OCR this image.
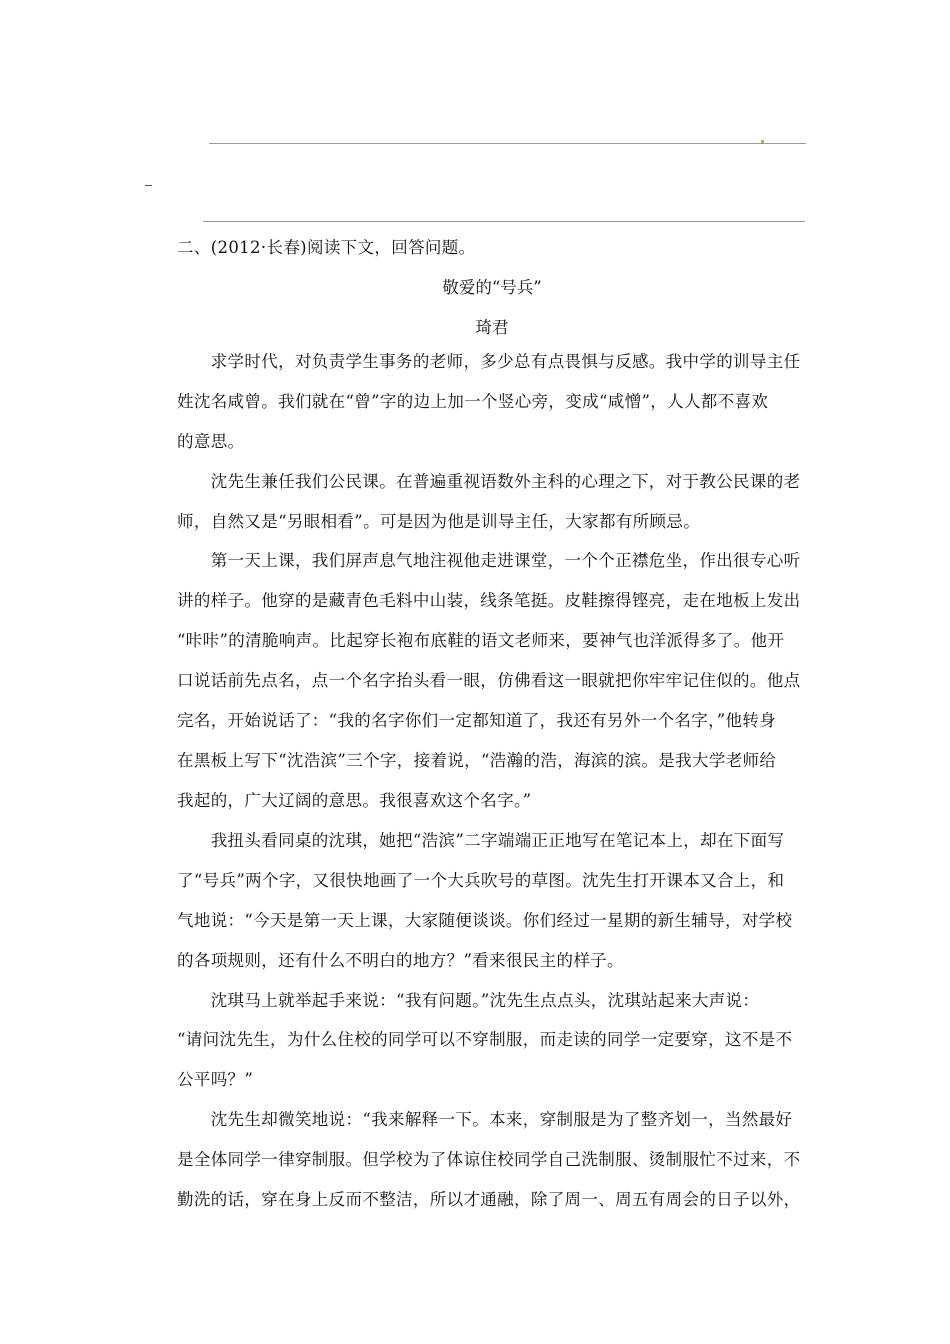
二、(2012·长春)阅读下文，回答问题。
敬爱的“号兵”
琦君
　　求学时代，对负责学生事务的老师，多少总有点畏惧与反感。我中学的训导主任
姓沈名咸曾。我们就在“曾”字的边上加一个竖心旁，变成“咸憎”，人人都不喜欢
的意思。
　　沈先生兼任我们公民课。在普遍重视语数外主科的心理之下，对于教公民课的老
师，自然又是“另眼相看”。可是因为他是训导主任，大家都有所顾忌。
　　第一天上课，我们屏声息气地注视他走进课堂，一个个正襟危坐，作出很专心听
讲的样子。他穿的是藏青色毛料中山装，线条笔挺。皮鞋擦得铿亮，走在地板上发出
“咔咔”的清脆响声。比起穿长袍布底鞋的语文老师来，要神气也洋派得多了。他开
口说话前先点名，点一个名字抬头看一眼，仿佛看这一眼就把你牢牢记住似的。他点
完名，开始说话了：“我的名字你们一定都知道了，我还有另外一个名字，”他转身
在黑板上写下“沈浩滨”三个字，接着说，“浩瀚的浩，海滨的滨。是我大学老师给
我起的，广大辽阔的意思。我很喜欢这个名字。”
　　我扭头看同桌的沈琪，她把“浩滨”二字端端正正地写在笔记本上，却在下面写
了“号兵”两个字，又很快地画了一个大兵吹号的草图。沈先生打开课本又合上，和
气地说：“今天是第一天上课，大家随便谈谈。你们经过一星期的新生辅导，对学校
的各项规则，还有什么不明白的地方？”看来很民主的样子。
　　沈琪马上就举起手来说：“我有问题。”沈先生点点头，沈琪站起来大声说：
“请问沈先生，为什么住校的同学可以不穿制服，而走读的同学一定要穿，这不是不
公平吗？”
　　沈先生却微笑地说：“我来解释一下。本来，穿制服是为了整齐划一，当然最好
是全体同学一律穿制服。但学校为了体谅住校同学自己洗制服、烫制服忙不过来，不
勤洗的话，穿在身上反而不整洁，所以才通融，除了周一、周五有周会的日子以外，
